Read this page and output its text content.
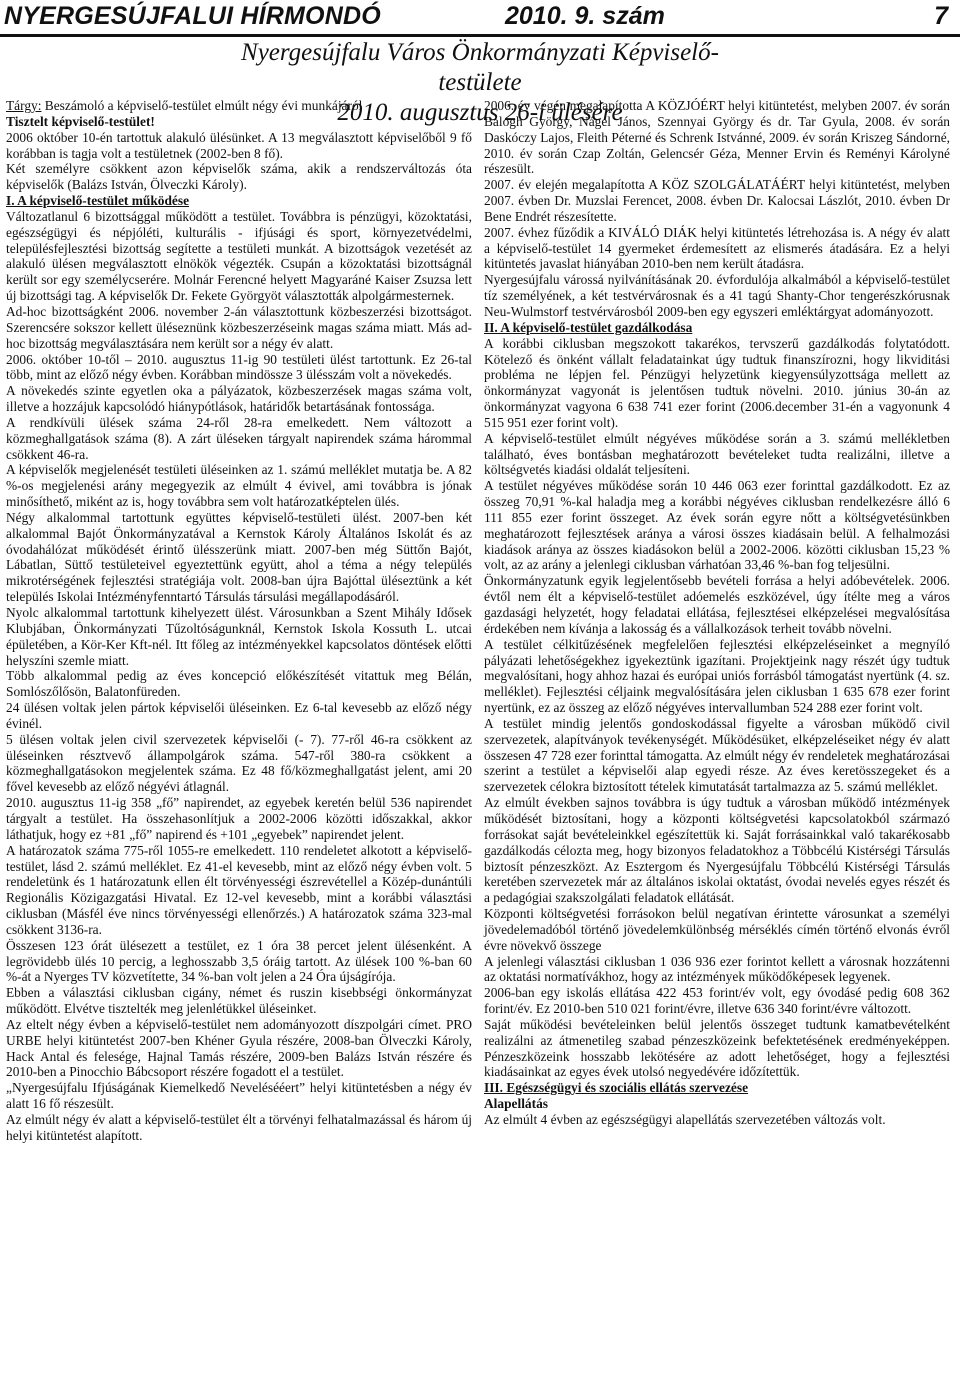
NYERGESÚJFALUI HÍRMONDÓ	2010. 9. szám	7
Nyergesújfalu Város Önkormányzati Képviselő-testülete
2010. augusztus 26-i ülésére

Tárgy: Beszámoló a képviselő-testület elmúlt négy évi munkájáról

Tisztelt képviselő-testület!

2006 október 10-én tartottuk alakuló ülésünket. A 13 megválasztott képviselőből 9 fő korábban is tagja volt a testületnek (2002-ben 8 fő).

Két személyre csökkent azon képviselők száma, akik a rendszerváltozás óta képviselők (Balázs István, Ölveczki Károly).

I. A képviselő-testület működése

Változatlanul 6 bizottsággal működött a testület. Továbbra is pénzügyi, közoktatási, egészségügyi és népjóléti, kulturális - ifjúsági és sport, környezetvédelmi, településfejlesztési bizottság segítette a testületi munkát. A bizottságok vezetését az alakuló ülésen megválasztott elnökök végezték. Csupán a közoktatási bizottságnál került sor egy személycserére. Molnár Ferencné helyett Magyaráné Kaiser Zsuzsa lett új bizottsági tag. A képviselők Dr. Fekete Györgyöt választották alpolgármesternek.

Ad-hoc bizottságként 2006. november 2-án választottunk közbeszerzési bizottságot. Szerencsére sokszor kellett üléseznünk közbeszerzéseink magas száma miatt. Más ad-hoc bizottság megválasztására nem került sor a négy év alatt.

2006. október 10-től – 2010. augusztus 11-ig 90 testületi ülést tartottunk. Ez 26-tal több, mint az előző négy évben. Korábban mindössze 3 ülésszám volt a növekedés.

A növekedés szinte egyetlen oka a pályázatok, közbeszerzések magas száma volt, illetve a hozzájuk kapcsolódó hiánypótlások, határidők betartásának fontossága.

A rendkívüli ülések száma 24-ről 28-ra emelkedett. Nem változott a közmeghallgatások száma (8). A zárt üléseken tárgyalt napirendek száma hárommal csökkent 46-ra.

A képviselők megjelenését testületi üléseinken az 1. számú melléklet mutatja be. A 82 %-os megjelenési arány megegyezik az elmúlt 4 évivel, ami továbbra is jónak minősíthető, miként az is, hogy továbbra sem volt határozatképtelen ülés.

Négy alkalommal tartottunk együttes képviselő-testületi ülést. 2007-ben két alkalommal Bajót Önkormányzatával a Kernstok Károly Általános Iskolát és az óvodahálózat működését érintő ülésszerünk miatt. 2007-ben még Süttőn Bajót, Lábatlan, Süttő testületeivel egyeztettünk együtt, ahol a téma a négy település mikrotérségének fejlesztési stratégiája volt. 2008-ban újra Bajóttal üléseztünk a két település Iskolai Intézményfenntartó Társulás társulási megállapodásáról.

Nyolc alkalommal tartottunk kihelyezett ülést. Városunkban a Szent Mihály Idősek Klubjában, Önkormányzati Tűzoltóságunknál, Kernstok Iskola Kossuth L. utcai épületében, a Kör-Ker Kft-nél. Itt főleg az intézményekkel kapcsolatos döntések előtti helyszíni szemle miatt.

Több alkalommal pedig az éves koncepció előkészítését vitattuk meg Bélán, Somlószőlősön, Balatonfüreden.

24 ülésen voltak jelen pártok képviselői üléseinken. Ez 6-tal kevesebb az előző négy évinél.

5 ülésen voltak jelen civil szervezetek képviselői (- 7). 77-ről 46-ra csökkent az üléseinken résztvevő állampolgárok száma. 547-ről 380-ra csökkent a közmeghallgatásokon megjelentek száma. Ez 48 fő/közmeghallgatást jelent, ami 20 fővel kevesebb az előző négyévi átlagnál.

2010. augusztus 11-ig 358 „fő” napirendet, az egyebek keretén belül 536 napirendet tárgyalt a testület. Ha összehasonlítjuk a 2002-2006 közötti időszakkal, akkor láthatjuk, hogy ez +81 „fő” napirend és +101 „egyebek” napirendet jelent.

A határozatok száma 775-ről 1055-re emelkedett. 110 rendeletet alkotott a képviselő-testület, lásd 2. számú melléklet. Ez 41-el kevesebb, mint az előző négy évben volt. 5 rendeletünk és 1 határozatunk ellen élt törvényességi észrevétellel a Közép-dunántúli Regionális Közigazgatási Hivatal. Ez 12-vel kevesebb, mint a korábbi választási ciklusban (Másfél éve nincs törvényességi ellenőrzés.) A határozatok száma 323-mal csökkent 3136-ra.

Összesen 123 órát ülésezett a testület, ez 1 óra 38 percet jelent ülésenként. A legrövidebb ülés 10 percig, a leghosszabb 3,5 óráig tartott. Az ülések 100 %-ban 60 %-át a Nyerges TV közvetítette, 34 %-ban volt jelen a 24 Óra újságírója.

Ebben a választási ciklusban cigány, német és ruszin kisebbségi önkormányzat működött. Elvétve tisztelték meg jelenlétükkel üléseinket.

Az eltelt négy évben a képviselő-testület nem adományozott díszpolgári címet. PRO URBE helyi kitüntetést 2007-ben Khéner Gyula részére, 2008-ban Ölveczki Károly, Hack Antal és felesége, Hajnal Tamás részére, 2009-ben Balázs István részére és 2010-ben a Pinocchio Bábcsoport részére fogadott el a testület.

„Nyergesújfalu Ifjúságának Kiemelkedő Nevelésééert” helyi kitüntetésben a négy év alatt 16 fő részesült.

Az elmúlt négy év alatt a képviselő-testület élt a törvényi felhatalmazással és három új helyi kitüntetést alapított.

2006. év végén megalapította A KÖZJÓÉRT helyi kitüntetést, melyben 2007. év során Balogh György, Nágel János, Szennyai György és dr. Tar Gyula, 2008. év során Daskóczy Lajos, Fleith Péterné és Schrenk Istvánné, 2009. év során Kriszeg Sándorné, 2010. év során Czap Zoltán, Gelencsér Géza, Menner Ervin és Reményi Károlyné részesült.

2007. év elején megalapította A KÖZ SZOLGÁLATÁÉRT helyi kitüntetést, melyben 2007. évben Dr. Muzslai Ferencet, 2008. évben Dr. Kalocsai Lászlót, 2010. évben Dr Bene Endrét részesítette.

2007. évhez fűződik a KIVÁLÓ DIÁK helyi kitüntetés létrehozása is. A négy év alatt a képviselő-testület 14 gyermeket érdemesített az elismerés átadására. Ez a helyi kitüntetés javaslat hiányában 2010-ben nem került átadásra.

Nyergesújfalu várossá nyilvánításának 20. évfordulója alkalmából a képviselő-testület tíz személyének, a két testvérvárosnak és a 41 tagú Shanty-Chor tengerészkórusnak Neu-Wulmstorf testvérvárosból 2009-ben egy egyszeri emléktárgyat adományozott.

II. A képviselő-testület gazdálkodása

A korábbi ciklusban megszokott takarékos, tervszerű gazdálkodás folytatódott. Kötelező és önként vállalt feladatainkat úgy tudtuk finanszírozni, hogy likviditási probléma ne lépjen fel. Pénzügyi helyzetünk kiegyensúlyzottsága mellett az önkormányzat vagyonát is jelentősen tudtuk növelni. 2010. június 30-án az önkormányzat vagyona 6 638 741 ezer forint (2006.december 31-én a vagyonunk 4 515 951 ezer forint volt).

A képviselő-testület elmúlt négyéves működése során a 3. számú mellékletben található, éves bontásban meghatározott bevételeket tudta realizálni, illetve a költségvetés kiadási oldalát teljesíteni.

A testület négyéves működése során 10 446 063 ezer forinttal gazdálkodott. Ez az összeg 70,91 %-kal haladja meg a korábbi négyéves ciklusban rendelkezésre álló 6 111 855 ezer forint összeget. Az évek során egyre nőtt a költségvetésünkben meghatározott fejlesztések aránya a városi összes kiadásain belül. A felhalmozási kiadások aránya az összes kiadásokon belül a 2002-2006. közötti ciklusban 15,23 % volt, az az arány a jelenlegi ciklusban várhatóan 33,46 %-ban fog teljesülni.

Önkormányzatunk egyik legjelentősebb bevételi forrása a helyi adóbevételek. 2006. évtől nem élt a képviselő-testület adóemelés eszközével, úgy ítélte meg a város gazdasági helyzetét, hogy feladatai ellátása, fejlesztései elképzelései megvalósítása érdekében nem kívánja a lakosság és a vállalkozások terheit tovább növelni.

A testület célkitűzésének megfelelően fejlesztési elképzeléseinket a megnyíló pályázati lehetőségekhez igyekeztünk igazítani. Projektjeink nagy részét úgy tudtuk megvalósítani, hogy ahhoz hazai és európai uniós forrásból támogatást nyertünk (4. sz. melléklet). Fejlesztési céljaink megvalósítására jelen ciklusban 1 635 678 ezer forint nyertünk, ez az összeg az előző négyéves intervallumban 524 288 ezer forint volt.

A testület mindig jelentős gondoskodással figyelte a városban működő civil szervezetek, alapítványok tevékenységét. Működésüket, elképzeléseiket négy év alatt összesen 47 728 ezer forinttal támogatta. Az elmúlt négy év rendeletek meghatározásai szerint a testület a képviselői alap egyedi része. Az éves keretösszegeket és a szervezetek célokra biztosított tételek kimutatását tartalmazza az 5. számú melléklet.

Az elmúlt években sajnos továbbra is úgy tudtuk a városban működő intézmények működését biztosítani, hogy a központi költségvetési kapcsolatokból származó forrásokat saját bevételeinkkel egészítettük ki. Saját forrásainkkal való takarékosabb gazdálkodás célozta meg, hogy bizonyos feladatokhoz a Többcélú Kistérségi Társulás biztosít pénzeszközt. Az Esztergom és Nyergesújfalu Többcélú Kistérségi Társulás keretében szervezetek már az általános iskolai oktatást, óvodai nevelés egyes részét és a pedagógiai szakszolgálati feladatok ellátását.

Központi költségvetési forrásokon belül negatívan érintette városunkat a személyi jövedelemadóból történő jövedelemkülönbség mérséklés címén történő elvonás évről évre növekvő összege

A jelenlegi választási ciklusban 1 036 936 ezer forintot kellett a városnak hozzátenni az oktatási normatívákhoz, hogy az intézmények működőképesek legyenek.

2006-ban egy iskolás ellátása 422 453 forint/év volt, egy óvodásé pedig 608 362 forint/év. Ez 2010-ben 510 021 forint/évre, illetve 636 340 forint/évre változott.

Saját működési bevételeinken belül jelentős összeget tudtunk kamatbevételként realizálni az átmenetileg szabad pénzeszközeink befektetésének eredményeképpen. Pénzeszközeink hosszabb lekötésére az adott lehetőséget, hogy a fejlesztési kiadásainkat az egyes évek utolsó negyedévére időzítettük.

III. Egészségügyi és szociális ellátás szervezése

Alapellátás

Az elmúlt 4 évben az egészségügyi alapellátás szervezetében változás volt.
